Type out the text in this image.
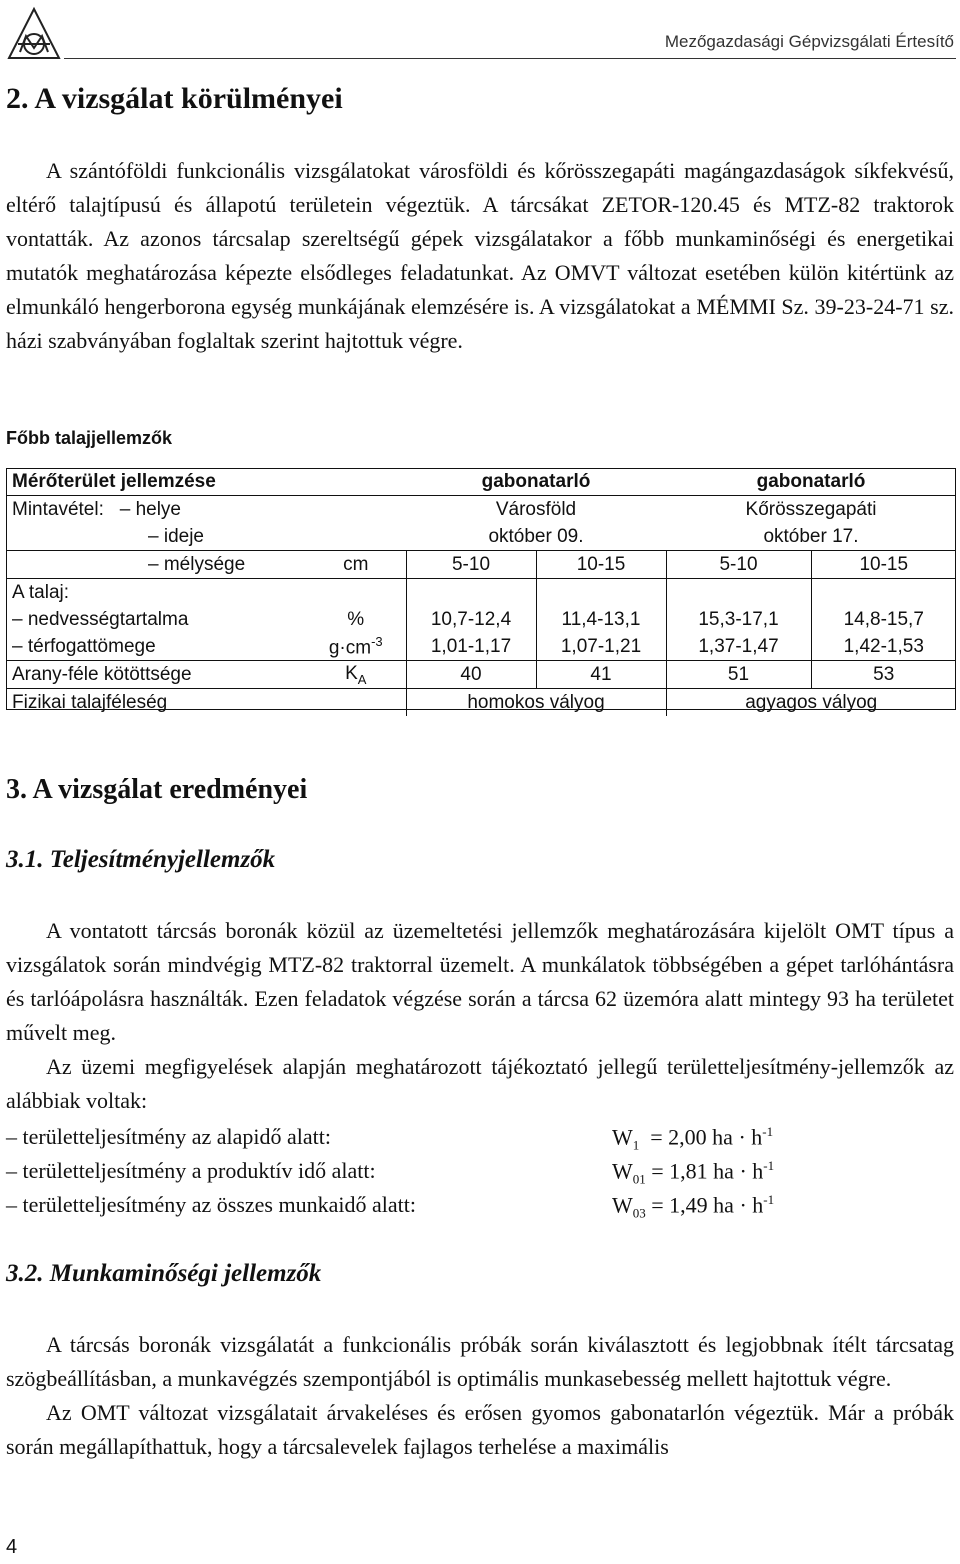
Mezőgazdasági Gépvizsgálati Értesítő
2. A vizsgálat körülményei

A szántóföldi funkcionális vizsgálatokat városföldi és kőrösszegapáti magángazdaságok síkfekvésű, eltérő talajtípusú és állapotú területein végeztük. A tárcsákat ZETOR-120.45 és MTZ-82 traktorok vontatták. Az azonos tárcsalap szereltségű gépek vizsgálatakor a főbb munkaminőségi és energetikai mutatók meghatározása képezte elsődleges feladatunkat. Az OMVT változat esetében külön kitértünk az elmunkáló hengerborona egység munkájának elemzésére is. A vizsgálatokat a MÉMMI Sz. 39-23-24-71 sz. házi szabványában foglaltak szerint hajtottuk végre.

Főbb talajjellemzők
Mérőterület jellemzése		gabonatarló		gabonatarló	
Mintavétel: – helye		Városföld		Kőrösszegapáti	
– ideje		október 09.		október 17.	
– mélysége	cm	5-10	10-15	5-10	10-15
A talaj:					
– nedvességtartalma	%	10,7-12,4	11,4-13,1	15,3-17,1	14,8-15,7
– térfogattömege	$g\cdot cm^{-3}$	1,01-1,17	1,07-1,21	1,37-1,47	1,42-1,53
Arany-féle kötöttsége	$K_A$	40	41	51	53
Fizikai talajféleség		homokos vályog		agyagos vályog	
3. A vizsgálat eredményei
3.1. Teljesítményjellemzők

A vontatott tárcsás boronák közül az üzemeltetési jellemzők meghatározására kijelölt OMT típus a vizsgálatok során mindvégig MTZ-82 traktorral üzemelt. A munkálatok többségében a gépet tarlóhántásra és tarlóápolásra használták. Ezen feladatok végzése során a tárcsa 62 üzemóra alatt mintegy 93 ha területet művelt meg.

Az üzemi megfigyelések alapján meghatározott tájékoztató jellegű területteljesítmény-jellemzők az alábbiak voltak:

– területteljesítmény az alapidő alatt:	$W_1 = 2,00$ ha · $h^{-1}$
– területteljesítmény a produktív idő alatt:	$W_{01} = 1,81$ ha · $h^{-1}$
– területteljesítmény az összes munkaidő alatt:	$W_{03} = 1,49$ ha · $h^{-1}$
3.2. Munkaminőségi jellemzők

A tárcsás boronák vizsgálatát a funkcionális próbák során kiválasztott és legjobbnak ítélt tárcsatag szögbeállításban, a munkavégzés szempontjából is optimális munkasebesség mellett hajtottuk végre.

Az OMT változat vizsgálatait árvakeléses és erősen gyomos gabonatarlón végeztük. Már a próbák során megállapíthattuk, hogy a tárcsalevelek fajlagos terhelése a maximális

4
